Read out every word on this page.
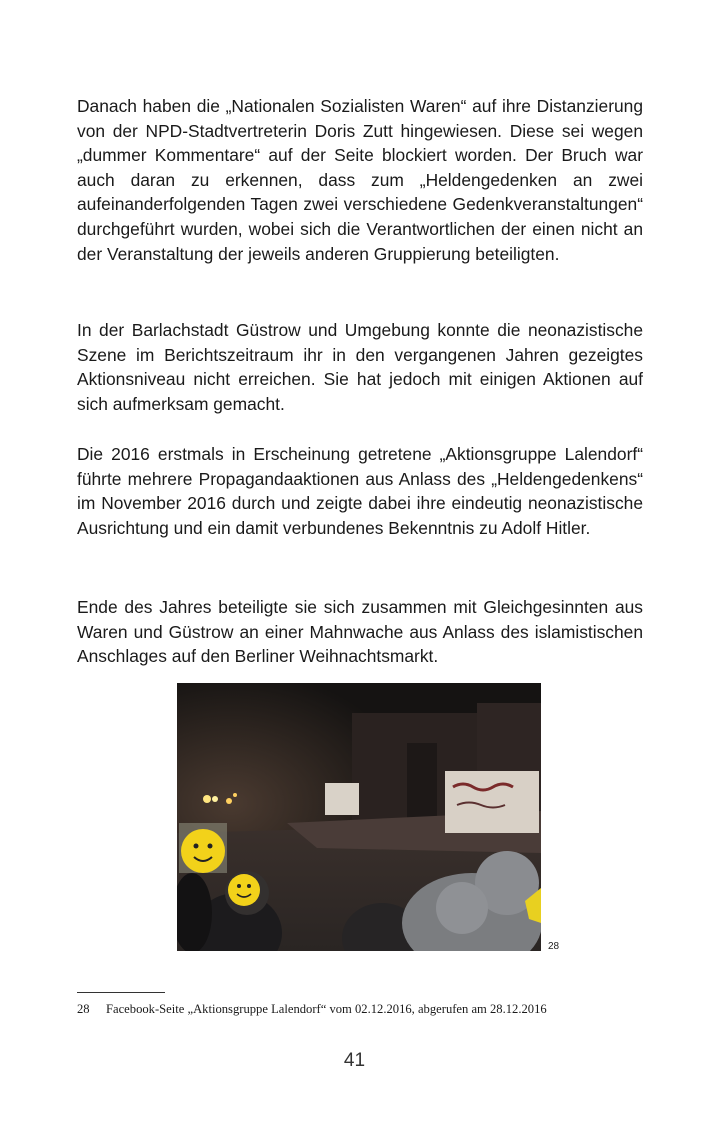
Danach haben die „Nationalen Sozialisten Waren“ auf ihre Distanzierung von der NPD-Stadtvertreterin Doris Zutt hingewiesen. Diese sei wegen „dummer Kommentare“ auf der Seite blockiert worden. Der Bruch war auch daran zu erkennen, dass zum „Heldengedenken an zwei aufeinanderfolgenden Tagen zwei verschiedene Gedenkveranstaltungen“ durchgeführt wurden, wobei sich die Verantwortlichen der einen nicht an der Veranstaltung der jeweils anderen Gruppierung beteiligten.

In der Barlachstadt Güstrow und Umgebung konnte die neonazistische Szene im Berichtszeitraum ihr in den vergangenen Jahren gezeigtes Aktionsniveau nicht erreichen. Sie hat jedoch mit einigen Aktionen auf sich aufmerksam gemacht.

Die 2016 erstmals in Erscheinung getretene „Aktionsgruppe Lalendorf“ führte mehrere Propagandaaktionen aus Anlass des „Heldengedenkens“ im November 2016 durch und zeigte dabei ihre eindeutig neonazistische Ausrichtung und ein damit verbundenes Bekenntnis zu Adolf Hitler.

Ende des Jahres beteiligte sie sich zusammen mit Gleichgesinnten aus Waren und Güstrow an einer Mahnwache aus Anlass des islamistischen Anschlages auf den Berliner Weihnachtsmarkt.

28
28 Facebook-Seite „Aktionsgruppe Lalendorf“ vom 02.12.2016, abgerufen am 28.12.2016
41
